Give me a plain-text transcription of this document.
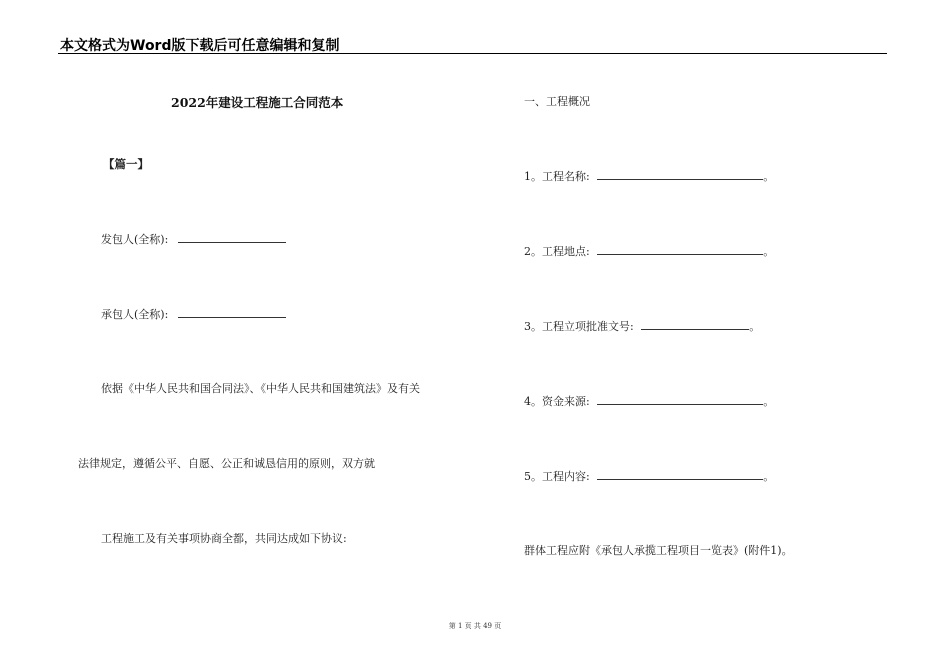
本文格式为Word版下载后可任意编辑和复制
2022年建设工程施工合同范本
【篇一】
发包人(全称):
承包人(全称):
依据《中华人民共和国合同法》、《中华人民共和国建筑法》及有关
法律规定，遵循公平、自愿、公正和诚恳信用的原则，双方就
工程施工及有关事项协商全都，共同达成如下协议:
一、工程概况
1。工程名称:	。
2。工程地点:	。
3。工程立项批准文号:	。
4。资金来源:	。
5。工程内容:	。
群体工程应附《承包人承揽工程项目一览表》(附件1)。
第 1 页 共 49 页
